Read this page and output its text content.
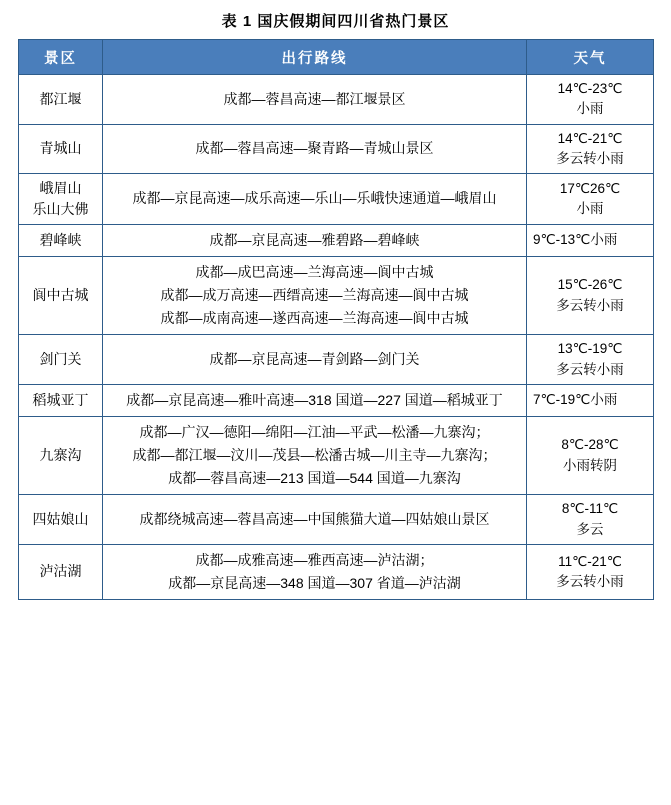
表 1 国庆假期间四川省热门景区
景区	出行路线	天气

都江堰	成都—蓉昌高速—都江堰景区	14℃-23℃
小雨

青城山	成都—蓉昌高速—聚青路—青城山景区	14℃-21℃
多云转小雨

峨眉山
乐山大佛	成都—京昆高速—成乐高速—乐山—乐峨快速通道—峨眉山	17℃26℃
小雨

碧峰峡	成都—京昆高速—雅碧路—碧峰峡	9℃-13℃小雨

阆中古城	成都—成巴高速—兰海高速—阆中古城
成都—成万高速—西缙高速—兰海高速—阆中古城
成都—成南高速—遂西高速—兰海高速—阆中古城	15℃-26℃
多云转小雨

剑门关	成都—京昆高速—青剑路—剑门关	13℃-19℃
多云转小雨

稻城亚丁	成都—京昆高速—雅叶高速—318 国道—227 国道—稻城亚丁	7℃-19℃小雨

九寨沟	成都—广汉—德阳—绵阳—江油—平武—松潘—九寨沟；
成都—都江堰—汶川—茂县—松潘古城—川主寺—九寨沟；
成都—蓉昌高速—213 国道—544 国道—九寨沟	8℃-28℃
小雨转阴

四姑娘山	成都绕城高速—蓉昌高速—中国熊猫大道—四姑娘山景区	8℃-11℃
多云

泸沽湖	成都—成雅高速—雅西高速—泸沽湖；
成都—京昆高速—348 国道—307 省道—泸沽湖	11℃-21℃
多云转小雨
